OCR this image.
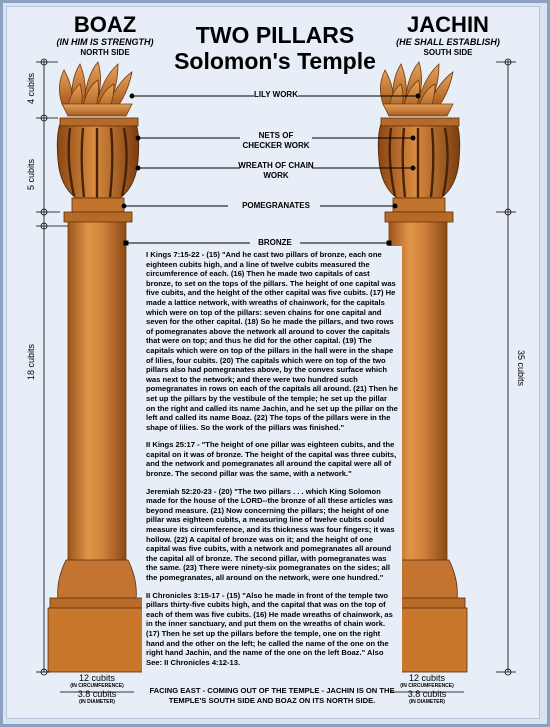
4 cubits
5 cubits
18 cubits	35 cubits
TWO PILLARS
Solomon's Temple
BOAZ
(IN HIM IS STRENGTH)
NORTH SIDE
JACHIN
(HE SHALL ESTABLISH)
SOUTH SIDE
LILY WORK
NETS OF CHECKER WORK
WREATH OF CHAIN WORK
POMEGRANATES
BRONZE

I Kings 7:15-22 - (15) "And he cast two pillars of bronze, each one eighteen cubits high, and a line of twelve cubits measured the circumference of each. (16) Then he made two capitals of cast bronze, to set on the tops of the pillars. The height of one capital was five cubits, and the height of the other capital was five cubits. (17) He made a lattice network, with wreaths of chainwork, for the capitals which were on top of the pillars: seven chains for one capital and seven for the other capital. (18) So he made the pillars, and two rows of pomegranates above the network all around to cover the capitals that were on top; and thus he did for the other capital. (19) The capitals which were on top of the pillars in the hall were in the shape of lilies, four cubits. (20) The capitals which were on top of the two pillars also had pomegranates above, by the convex surface which was next to the network; and there were two hundred such pomegranates in rows on each of the capitals all around. (21) Then he set up the pillars by the vestibule of the temple; he set up the pillar on the right and called its name Jachin, and he set up the pillar on the left and called its name Boaz. (22) The tops of the pillars were in the shape of lilies. So the work of the pillars was finished."

II Kings 25:17 - "The height of one pillar was eighteen cubits, and the capital on it was of bronze. The height of the capital was three cubits, and the network and pomegranates all around the capital were all of bronze. The second pillar was the same, with a network."

Jeremiah 52:20-23 - (20) "The two pillars . . . which King Solomon made for the house of the LORD--the bronze of all these articles was beyond measure. (21) Now concerning the pillars; the height of one pillar was eighteen cubits, a measuring line of twelve cubits could measure its circumference, and its thickness was four fingers; it was hollow. (22) A capital of bronze was on it; and the height of one capital was five cubits, with a network and pomegranates all around the capital all of bronze. The second pillar, with pomegranates was the same. (23) There were ninety-six pomegranates on the sides; all the pomegranates, all around on the network, were one hundred."

II Chronicles 3:15-17 - (15) "Also he made in front of the temple two pillars thirty-five cubits high, and the capital that was on the top of each of them was five cubits. (16) He made wreaths of chainwork, as in the inner sanctuary, and put them on the wreaths of chain work. (17) Then he set up the pillars before the temple, one on the right hand and the other on the left; he called the name of the one on the right hand Jachin, and the name of the one on the left Boaz." Also See: II Chronicles 4:12-13.

FACING EAST - COMING OUT OF THE TEMPLE - JACHIN IS ON THE TEMPLE'S SOUTH SIDE AND BOAZ ON ITS NORTH SIDE.
12 cubits
(IN CIRCUMFERENCE)
3.8 cubits
(IN DIAMETER)
12 cubits
(IN CIRCUMFERENCE)
3.8 cubits
(IN DIAMETER)
